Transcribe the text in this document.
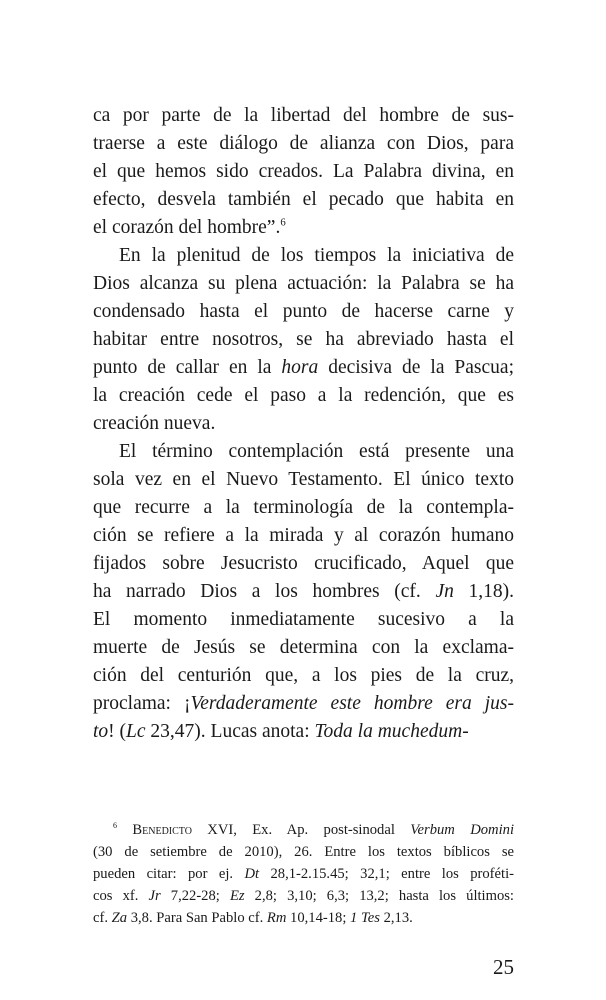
ca por parte de la libertad del hombre de sus-
traerse a este diálogo de alianza con Dios, para
el que hemos sido creados. La Palabra divina, en
efecto, desvela también el pecado que habita en
el corazón del hombre”.$^6$
En la plenitud de los tiempos la iniciativa de
Dios alcanza su plena actuación: la Palabra se ha
condensado hasta el punto de hacerse carne y
habitar entre nosotros, se ha abreviado hasta el
punto de callar en la hora decisiva de la Pascua;
la creación cede el paso a la redención, que es
creación nueva.
El término contemplación está presente una
sola vez en el Nuevo Testamento. El único texto
que recurre a la terminología de la contempla-
ción se refiere a la mirada y al corazón humano
fijados sobre Jesucristo crucificado, Aquel que
ha narrado Dios a los hombres (cf. Jn 1,18).
El momento inmediatamente sucesivo a la
muerte de Jesús se determina con la exclama-
ción del centurión que, a los pies de la cruz,
proclama: ¡Verdaderamente este hombre era jus-
to! (Lc 23,47). Lucas anota: Toda la muchedum-
$^6$ Benedicto XVI, Ex. Ap. post-sinodal Verbum Domini
(30 de setiembre de 2010), 26. Entre los textos bíblicos se
pueden citar: por ej. Dt 28,1-2.15.45; 32,1; entre los proféti-
cos xf. Jr 7,22-28; Ez 2,8; 3,10; 6,3; 13,2; hasta los últimos:
cf. Za 3,8. Para San Pablo cf. Rm 10,14-18; 1 Tes 2,13.
25
